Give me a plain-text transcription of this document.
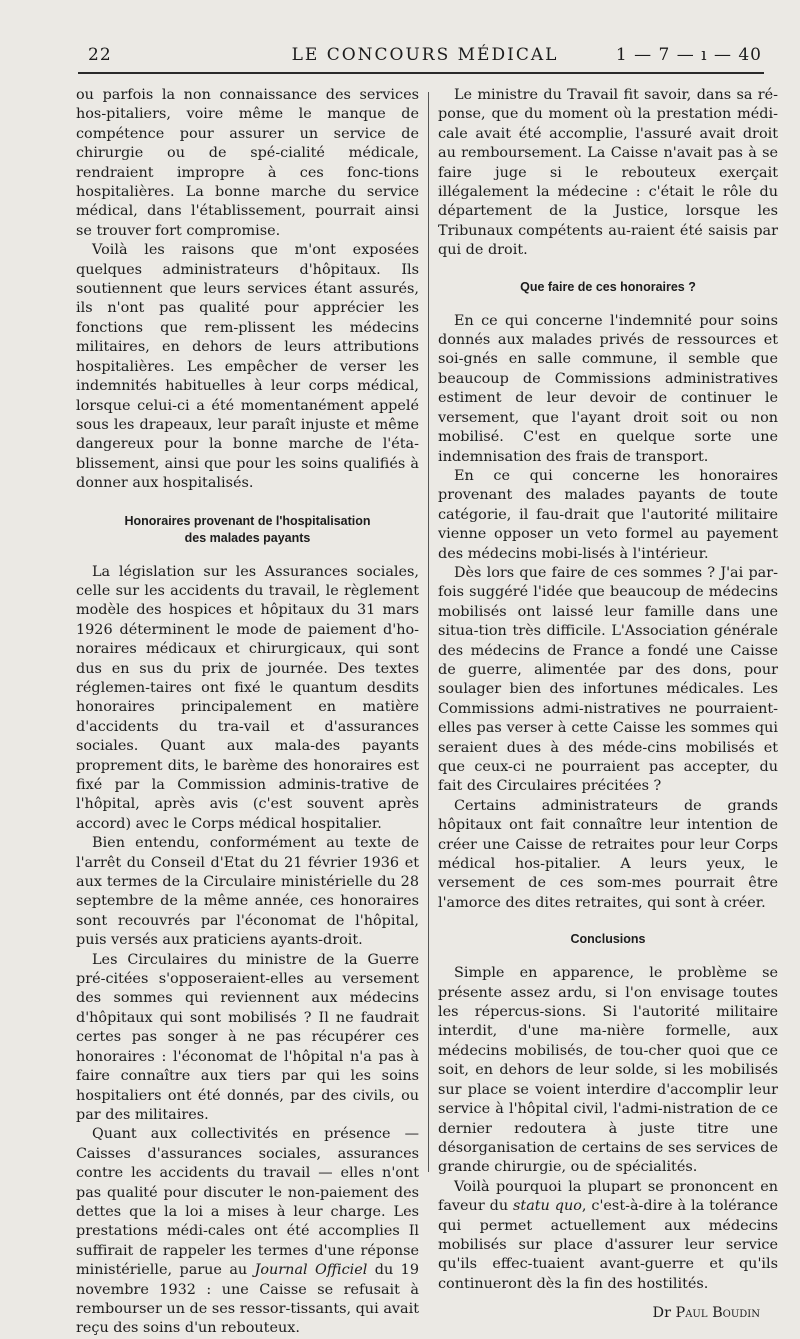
22	LE CONCOURS MÉDICAL	1 — 7 — ı — 40

ou parfois la non connaissance des services hos-pitaliers, voire même le manque de compétence pour assurer un service de chirurgie ou de spé-cialité médicale, rendraient impropre à ces fonc-tions hospitalières. La bonne marche du service médical, dans l'établissement, pourrait ainsi se trouver fort compromise.

Voilà les raisons que m'ont exposées quelques administrateurs d'hôpitaux. Ils soutiennent que leurs services étant assurés, ils n'ont pas qualité pour apprécier les fonctions que rem-plissent les médecins militaires, en dehors de leurs attributions hospitalières. Les empêcher de verser les indemnités habituelles à leur corps médical, lorsque celui-ci a été momentanément appelé sous les drapeaux, leur paraît injuste et même dangereux pour la bonne marche de l'éta-blissement, ainsi que pour les soins qualifiés à donner aux hospitalisés.

Honoraires provenant de l'hospitalisation
des malades payants

La législation sur les Assurances sociales, celle sur les accidents du travail, le règlement modèle des hospices et hôpitaux du 31 mars 1926 déterminent le mode de paiement d'ho-noraires médicaux et chirurgicaux, qui sont dus en sus du prix de journée. Des textes réglemen-taires ont fixé le quantum desdits honoraires principalement en matière d'accidents du tra-vail et d'assurances sociales. Quant aux mala-des payants proprement dits, le barème des honoraires est fixé par la Commission adminis-trative de l'hôpital, après avis (c'est souvent après accord) avec le Corps médical hospitalier.

Bien entendu, conformément au texte de l'arrêt du Conseil d'Etat du 21 février 1936 et aux termes de la Circulaire ministérielle du 28 septembre de la même année, ces honoraires sont recouvrés par l'économat de l'hôpital, puis versés aux praticiens ayants-droit.

Les Circulaires du ministre de la Guerre pré-citées s'opposeraient-elles au versement des sommes qui reviennent aux médecins d'hôpitaux qui sont mobilisés ? Il ne faudrait certes pas songer à ne pas récupérer ces honoraires : l'économat de l'hôpital n'a pas à faire connaître aux tiers par qui les soins hospitaliers ont été donnés, par des civils, ou par des militaires.

Quant aux collectivités en présence — Caisses d'assurances sociales, assurances contre les accidents du travail — elles n'ont pas qualité pour discuter le non-paiement des dettes que la loi a mises à leur charge. Les prestations médi-cales ont été accomplies Il suffirait de rappeler les termes d'une réponse ministérielle, parue au Journal Officiel du 19 novembre 1932 : une Caisse se refusait à rembourser un de ses ressor-tissants, qui avait reçu des soins d'un rebouteux.

Le ministre du Travail fit savoir, dans sa ré-ponse, que du moment où la prestation médi-cale avait été accomplie, l'assuré avait droit au remboursement. La Caisse n'avait pas à se faire juge si le rebouteux exerçait illégalement la médecine : c'était le rôle du département de la Justice, lorsque les Tribunaux compétents au-raient été saisis par qui de droit.

Que faire de ces honoraires ?

En ce qui concerne l'indemnité pour soins donnés aux malades privés de ressources et soi-gnés en salle commune, il semble que beaucoup de Commissions administratives estiment de leur devoir de continuer le versement, que l'ayant droit soit ou non mobilisé. C'est en quelque sorte une indemnisation des frais de transport.

En ce qui concerne les honoraires provenant des malades payants de toute catégorie, il fau-drait que l'autorité militaire vienne opposer un veto formel au payement des médecins mobi-lisés à l'intérieur.

Dès lors que faire de ces sommes ? J'ai par-fois suggéré l'idée que beaucoup de médecins mobilisés ont laissé leur famille dans une situa-tion très difficile. L'Association générale des médecins de France a fondé une Caisse de guerre, alimentée par des dons, pour soulager bien des infortunes médicales. Les Commissions admi-nistratives ne pourraient-elles pas verser à cette Caisse les sommes qui seraient dues à des méde-cins mobilisés et que ceux-ci ne pourraient pas accepter, du fait des Circulaires précitées ?

Certains administrateurs de grands hôpitaux ont fait connaître leur intention de créer une Caisse de retraites pour leur Corps médical hos-pitalier. A leurs yeux, le versement de ces som-mes pourrait être l'amorce des dites retraites, qui sont à créer.

Conclusions

Simple en apparence, le problème se présente assez ardu, si l'on envisage toutes les répercus-sions. Si l'autorité militaire interdit, d'une ma-nière formelle, aux médecins mobilisés, de tou-cher quoi que ce soit, en dehors de leur solde, si les mobilisés sur place se voient interdire d'accomplir leur service à l'hôpital civil, l'admi-nistration de ce dernier redoutera à juste titre une désorganisation de certains de ses services de grande chirurgie, ou de spécialités.

Voilà pourquoi la plupart se prononcent en faveur du statu quo, c'est-à-dire à la tolérance qui permet actuellement aux médecins mobilisés sur place d'assurer leur service qu'ils effec-tuaient avant-guerre et qu'ils continueront dès la fin des hostilités.

Dr Paul Boudin
